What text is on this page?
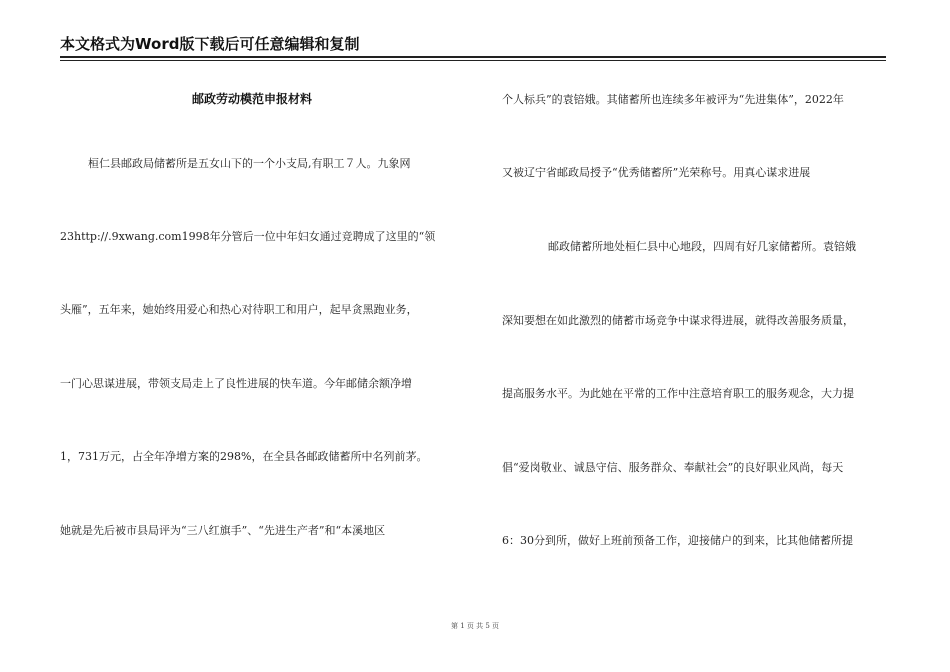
本文格式为Word版下载后可任意编辑和复制
邮政劳动模范申报材料
桓仁县邮政局储蓄所是五女山下的一个小支局,有职工７人。九象网
23http://.9xwang.com1998年分管后一位中年妇女通过竞聘成了这里的“领
头雁”，五年来，她始终用爱心和热心对待职工和用户，起早贪黑跑业务，
一门心思谋进展，带领支局走上了良性进展的快车道。今年邮储余额净增
1，731万元，占全年净增方案的298%，在全县各邮政储蓄所中名列前茅。
她就是先后被市县局评为“三八红旗手”、“先进生产者”和“本溪地区
个人标兵”的袁锫娥。其储蓄所也连续多年被评为“先进集体”，2022年
又被辽宁省邮政局授予“优秀储蓄所”光荣称号。用真心谋求进展
邮政储蓄所地处桓仁县中心地段，四周有好几家储蓄所。袁锫娥
深知要想在如此激烈的储蓄市场竞争中谋求得进展，就得改善服务质量，
提高服务水平。为此她在平常的工作中注意培育职工的服务观念，大力提
倡“爱岗敬业、诚恳守信、服务群众、奉献社会”的良好职业风尚，每天
6：30分到所，做好上班前预备工作，迎接储户的到来，比其他储蓄所提
第 1 页 共 5 页
